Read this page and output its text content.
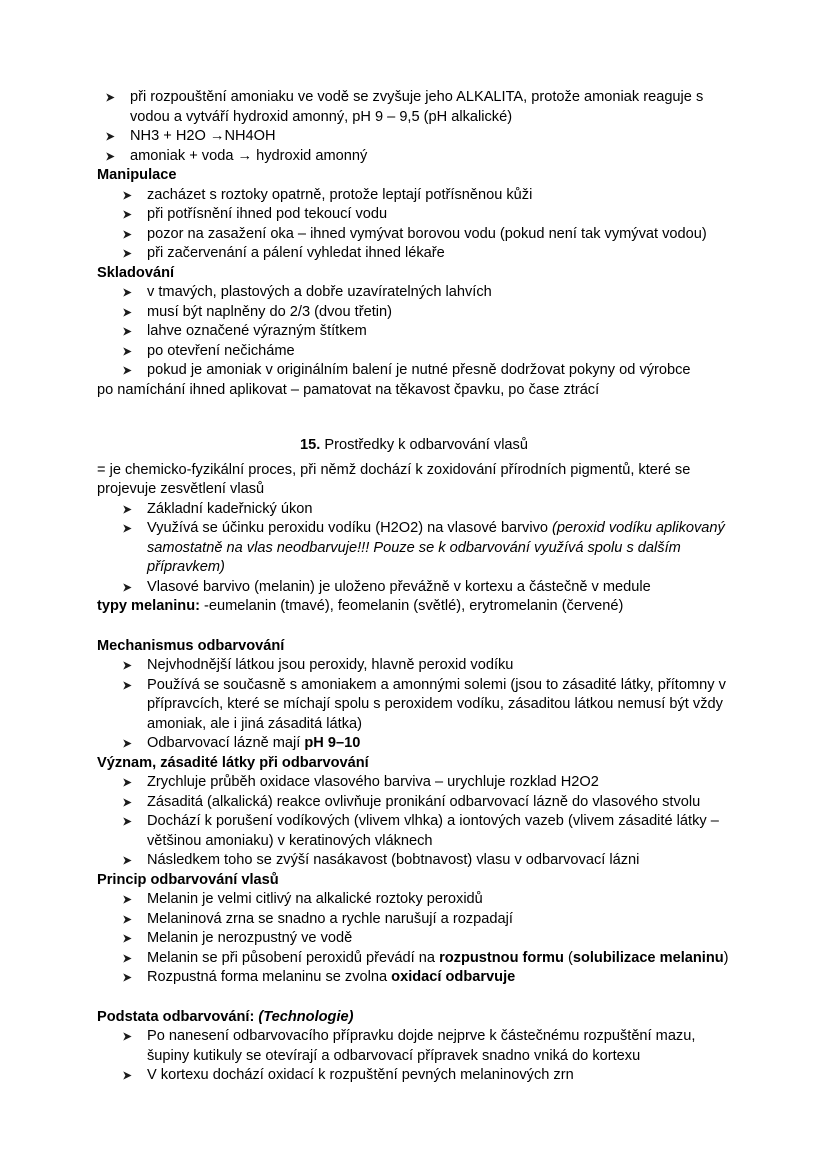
při rozpouštění amoniaku ve vodě se zvyšuje jeho ALKALITA, protože amoniak reaguje s vodou a vytváří hydroxid amonný, pH 9 – 9,5 (pH alkalické)
NH3 + H2O →NH4OH
amoniak + voda → hydroxid amonný
Manipulace
zacházet s roztoky opatrně, protože leptají potřísněnou kůži
při potřísnění ihned pod tekoucí vodu
pozor na zasažení oka – ihned vymývat borovou vodu (pokud není tak vymývat vodou)
při začervenání a pálení vyhledat ihned lékaře
Skladování
v tmavých, plastových a dobře uzavíratelných lahvích
musí být naplněny do 2/3 (dvou třetin)
lahve označené výrazným štítkem
po otevření nečicháme
pokud je amoniak v originálním balení je nutné přesně dodržovat pokyny od výrobce
po namíchání ihned aplikovat – pamatovat na těkavost čpavku, po čase ztrácí
15. Prostředky k odbarvování vlasů
= je chemicko-fyzikální proces, při němž dochází k zoxidování přírodních pigmentů, které se projevuje zesvětlení vlasů
Základní kadeřnický úkon
Využívá se účinku peroxidu vodíku (H2O2) na vlasové barvivo (peroxid vodíku aplikovaný samostatně na vlas neodbarvuje!!! Pouze se k odbarvování využívá spolu s dalším přípravkem)
Vlasové barvivo (melanin) je uloženo převážně v kortexu a částečně v medule
typy melaninu: -eumelanin (tmavé), feomelanin (světlé), erytromelanin (červené)
Mechanismus odbarvování
Nejvhodnější látkou jsou peroxidy, hlavně peroxid vodíku
Používá se současně s amoniakem a amonnými solemi (jsou to zásadité látky, přítomny v přípravcích, které se míchají spolu s peroxidem vodíku, zásaditou látkou nemusí být vždy amoniak, ale i jiná zásaditá látka)
Odbarvovací lázně mají pH 9–10
Význam, zásadité látky při odbarvování
Zrychluje průběh oxidace vlasového barviva – urychluje rozklad H2O2
Zásaditá (alkalická) reakce ovlivňuje pronikání odbarvovací lázně do vlasového stvolu
Dochází k porušení vodíkových (vlivem vlhka) a iontových vazeb (vlivem zásadité látky – většinou amoniaku) v keratinových vláknech
Následkem toho se zvýší nasákavost (bobtnavost) vlasu v odbarvovací lázni
Princip odbarvování vlasů
Melanin je velmi citlivý na alkalické roztoky peroxidů
Melaninová zrna se snadno a rychle narušují a rozpadají
Melanin je nerozpustný ve vodě
Melanin se při působení peroxidů převádí na rozpustnou formu (solubilizace melaninu)
Rozpustná forma melaninu se zvolna oxidací odbarvuje
Podstata odbarvování: (Technologie)
Po nanesení odbarvovacího přípravku dojde nejprve k částečnému rozpuštění mazu, šupiny kutikuly se otevírají a odbarvovací přípravek snadno vniká do kortexu
V kortexu dochází oxidací k rozpuštění pevných melaninových zrn
